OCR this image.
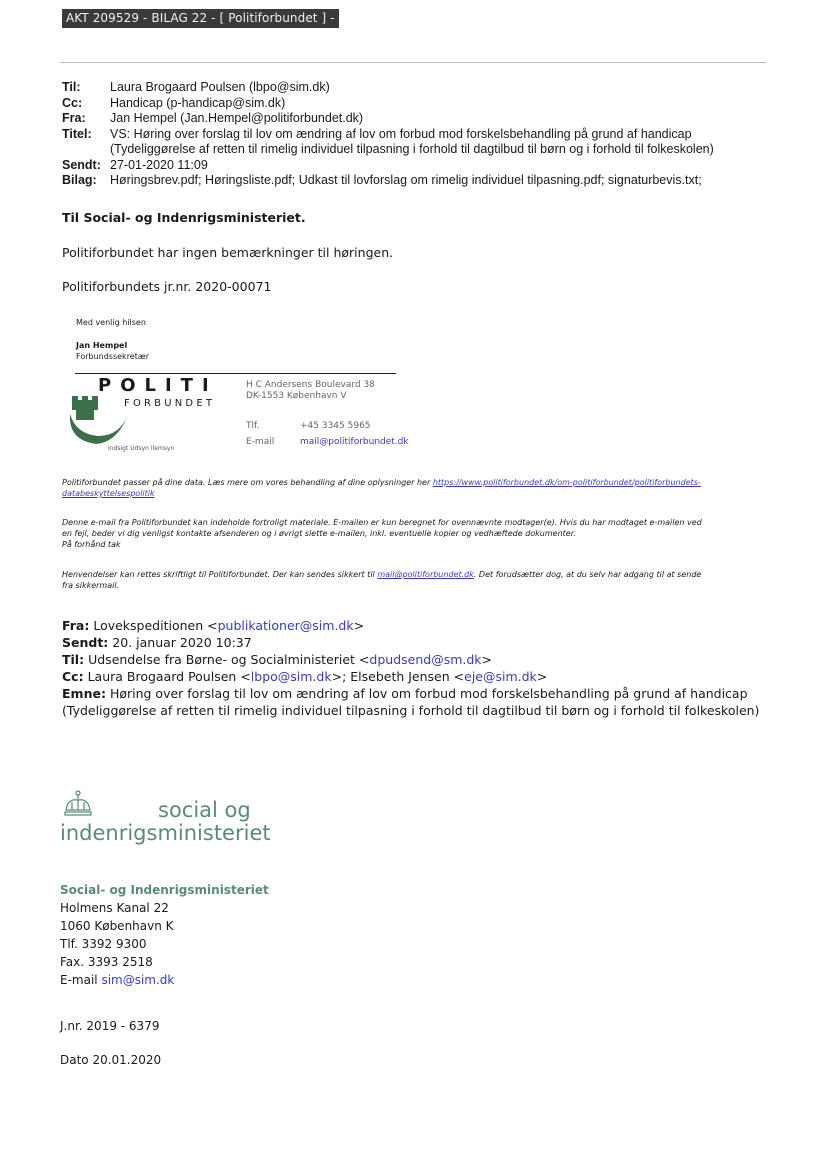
AKT 209529 - BILAG 22 - [ Politiforbundet ] -
Til:	Laura Brogaard Poulsen (lbpo@sim.dk)
Cc:	Handicap (p-handicap@sim.dk)
Fra:	Jan Hempel (Jan.Hempel@politiforbundet.dk)
Titel:	VS: Høring over forslag til lov om ændring af lov om forbud mod forskelsbehandling på grund af handicap
(Tydeliggørelse af retten til rimelig individuel tilpasning i forhold til dagtilbud til børn og i forhold til folkeskolen)
Sendt: 27-01-2020 11:09
Bilag:	Høringsbrev.pdf; Høringsliste.pdf; Udkast til lovforslag om rimelig individuel tilpasning.pdf; signaturbevis.txt;
Til Social- og Indenrigsministeriet.
Politiforbundet har ingen bemærkninger til høringen.
Politiforbundets jr.nr. 2020-00071
Med venlig hilsen
Jan Hempel
Forbundssekretær
POLITI
FORBUNDET
Indsigt Udsyn Ilemsyn
H C Andersens Boulevard 38
DK-1553 København V
Tlf.	+45 3345 5965
E-mail	mail@politiforbundet.dk
Politiforbundet passer på dine data. Læs mere om vores behandling af dine oplysninger her https://www.politiforbundet.dk/om-politiforbundet/politiforbundets-
databeskyttelsespolitik
Denne e-mail fra Politiforbundet kan indeholde fortroligt materiale. E-mailen er kun beregnet for ovennævnte modtager(e). Hvis du har modtaget e-mailen ved
en fejl, beder vi dig venligst kontakte afsenderen og i øvrigt slette e-mailen, inkl. eventuelle kopier og vedhæftede dokumenter.
På forhånd tak
Henvendelser kan rettes skriftligt til Politiforbundet. Der kan sendes sikkert til mail@politiforbundet.dk. Det forudsætter dog, at du selv har adgang til at sende
fra sikkermail.
Fra: Lovekspeditionen <publikationer@sim.dk>
Sendt: 20. januar 2020 10:37
Til: Udsendelse fra Børne- og Socialministeriet <dpudsend@sm.dk>
Cc: Laura Brogaard Poulsen <lbpo@sim.dk>; Elsebeth Jensen <eje@sim.dk>
Emne: Høring over forslag til lov om ændring af lov om forbud mod forskelsbehandling på grund af handicap
(Tydeliggørelse af retten til rimelig individuel tilpasning i forhold til dagtilbud til børn og i forhold til folkeskolen)
social og
indenrigsministeriet
Social- og Indenrigsministeriet
Holmens Kanal 22
1060 København K
Tlf. 3392 9300
Fax. 3393 2518
E-mail sim@sim.dk
J.nr. 2019 - 6379
Dato 20.01.2020
